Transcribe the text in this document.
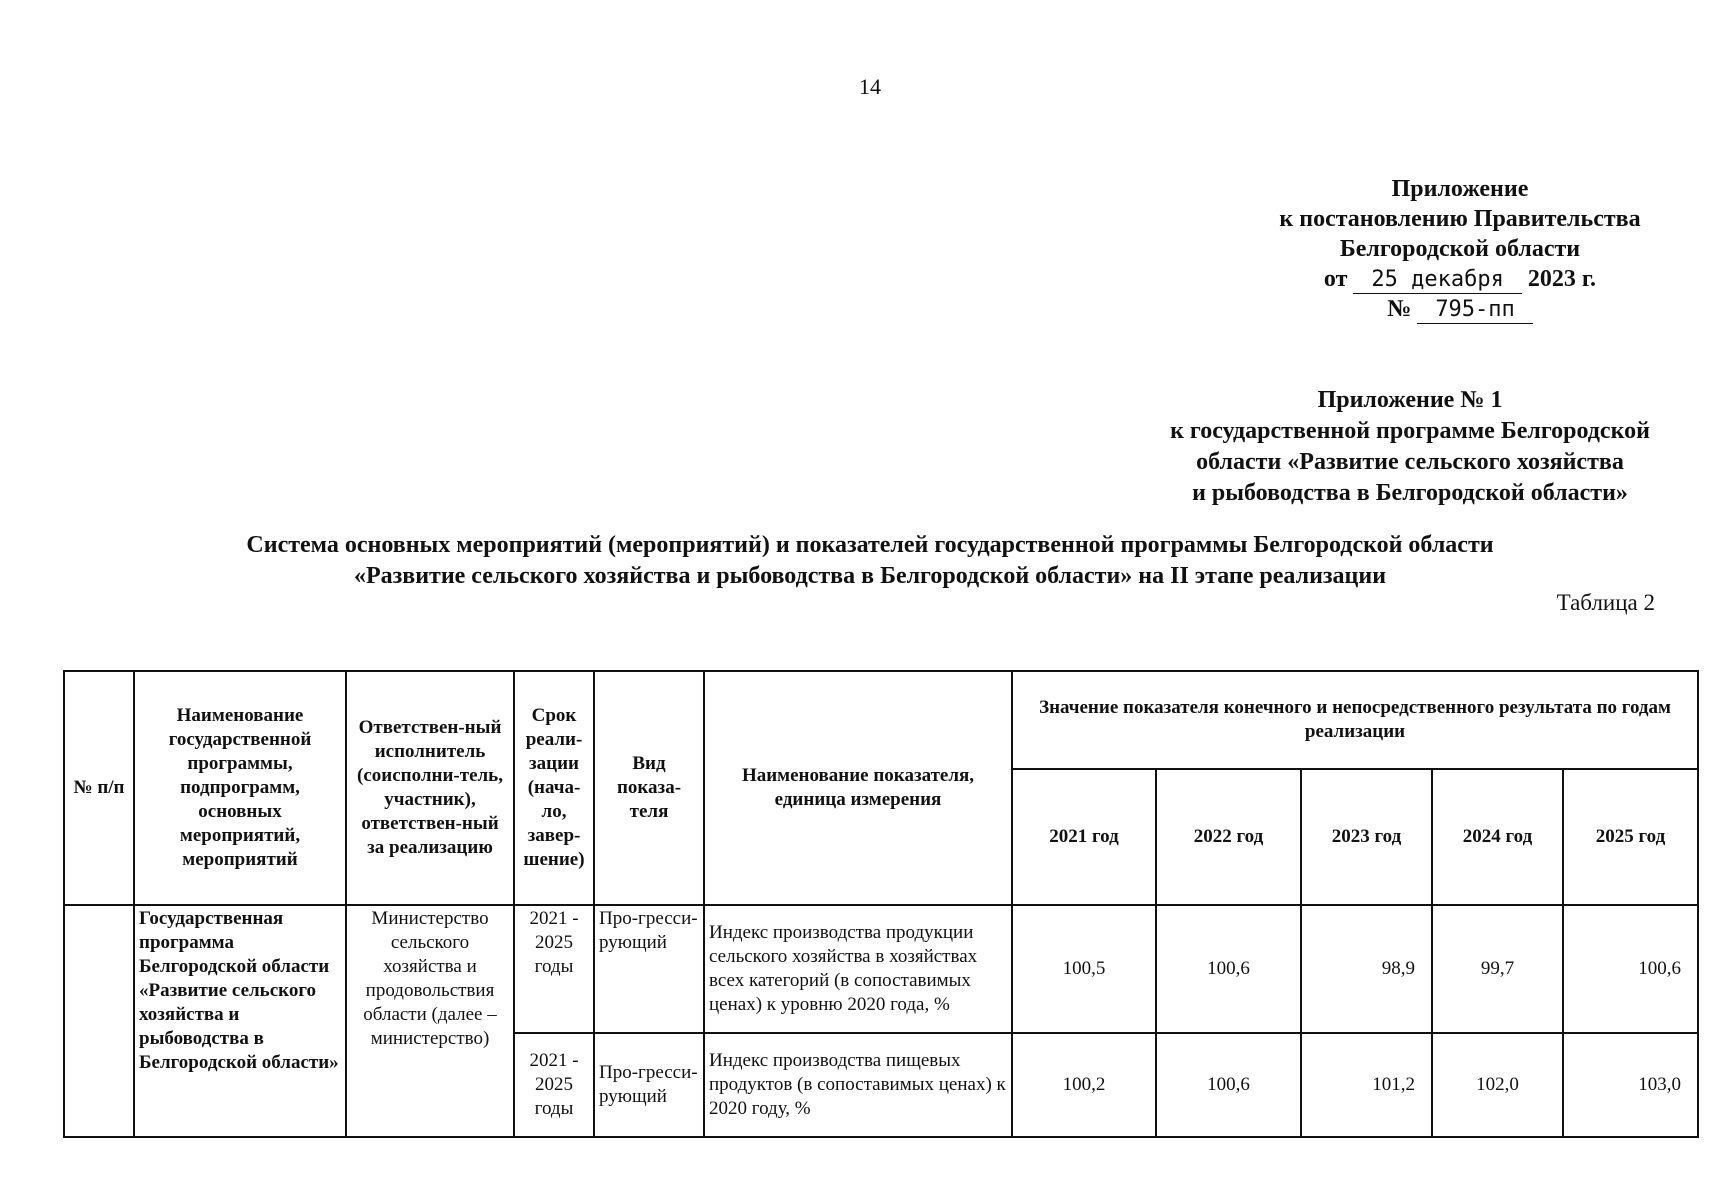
14
Приложение
к постановлению Правительства
Белгородской области
от 25 декабря 2023 г.
№ 795-пп
Приложение № 1
к государственной программе Белгородской
области «Развитие сельского хозяйства
и рыбоводства в Белгородской области»
Система основных мероприятий (мероприятий) и показателей государственной программы Белгородской области
«Развитие сельского хозяйства и рыбоводства в Белгородской области» на II этапе реализации
Таблица 2
№ п/п	Наименование государственной программы, подпрограмм, основных мероприятий, мероприятий	Ответствен-ный исполнитель (соисполни-тель, участник), ответствен-ный за реализацию	Срок реали-зации (нача-ло, завер-шение)	Вид показа-теля	Наименование показателя, единица измерения	Значение показателя конечного и непосредственного результата по годам реализации				
						2021 год	2022 год	2023 год	2024 год	2025 год
	Государственная программа Белгородской области «Развитие сельского хозяйства и рыбоводства в Белгородской области»	Министерство сельского хозяйства и продовольствия области (далее – министерство)	2021 - 2025 годы	Про-гресси-рующий	Индекс производства продукции сельского хозяйства в хозяйствах всех категорий (в сопоставимых ценах) к уровню 2020 года, %	100,5	100,6	98,9	99,7	100,6
			2021 - 2025 годы	Про-гресси-рующий	Индекс производства пищевых продуктов (в сопоставимых ценах) к 2020 году, %	100,2	100,6	101,2	102,0	103,0
